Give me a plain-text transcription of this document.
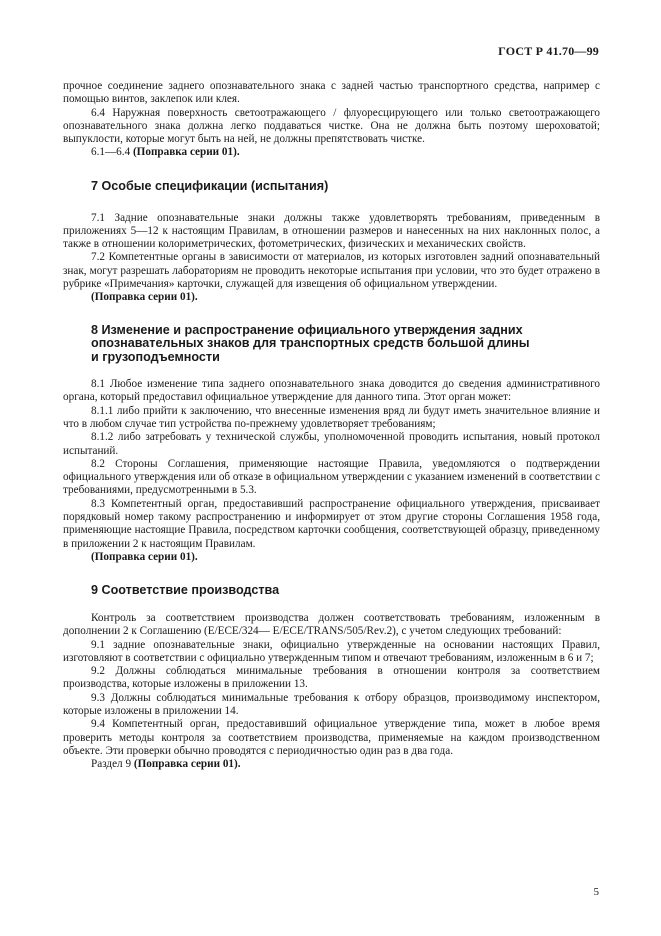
ГОСТ Р 41.70—99

прочное соединение заднего опознавательного знака с задней частью транспортного средства, например с помощью винтов, заклепок или клея.

6.4 Наружная поверхность светоотражающего / флуоресцирующего или только светоотражающего опознавательного знака должна легко поддаваться чистке. Она не должна быть поэтому шероховатой; выпуклости, которые могут быть на ней, не должны препятствовать чистке.

6.1—6.4 (Поправка серии 01).

7 Особые спецификации (испытания)

7.1 Задние опознавательные знаки должны также удовлетворять требованиям, приведенным в приложениях 5—12 к настоящим Правилам, в отношении размеров и нанесенных на них наклонных полос, а также в отношении колориметрических, фотометрических, физических и механических свойств.

7.2 Компетентные органы в зависимости от материалов, из которых изготовлен задний опознавательный знак, могут разрешать лабораториям не проводить некоторые испытания при условии, что это будет отражено в рубрике «Примечания» карточки, служащей для извещения об официальном утверждении.

(Поправка серии 01).

8 Изменение и распространение официального утверждения задних
опознавательных знаков для транспортных средств большой длины
и грузоподъемности

8.1 Любое изменение типа заднего опознавательного знака доводится до сведения административного органа, который предоставил официальное утверждение для данного типа. Этот орган может:

8.1.1 либо прийти к заключению, что внесенные изменения вряд ли будут иметь значительное влияние и что в любом случае тип устройства по-прежнему удовлетворяет требованиям;

8.1.2 либо затребовать у технической службы, уполномоченной проводить испытания, новый протокол испытаний.

8.2 Стороны Соглашения, применяющие настоящие Правила, уведомляются о подтверждении официального утверждения или об отказе в официальном утверждении с указанием изменений в соответствии с требованиями, предусмотренными в 5.3.

8.3 Компетентный орган, предоставивший распространение официального утверждения, присваивает порядковый номер такому распространению и информирует от этом другие стороны Соглашения 1958 года, применяющие настоящие Правила, посредством карточки сообщения, соответствующей образцу, приведенному в приложении 2 к настоящим Правилам.

(Поправка серии 01).

9 Соответствие производства

Контроль за соответствием производства должен соответствовать требованиям, изложенным в дополнении 2 к Соглашению (E/ECE/324— E/ECE/TRANS/505/Rev.2), с учетом следующих требований:

9.1 задние опознавательные знаки, официально утвержденные на основании настоящих Правил, изготовляют в соответствии с официально утвержденным типом и отвечают требованиям, изложенным в 6 и 7;

9.2 Должны соблюдаться минимальные требования в отношении контроля за соответствием производства, которые изложены в приложении 13.

9.3 Должны соблюдаться минимальные требования к отбору образцов, производимому инспектором, которые изложены в приложении 14.

9.4 Компетентный орган, предоставивший официальное утверждение типа, может в любое время проверить методы контроля за соответствием производства, применяемые на каждом производственном объекте. Эти проверки обычно проводятся с периодичностью один раз в два года.

Раздел 9 (Поправка серии 01).

5
